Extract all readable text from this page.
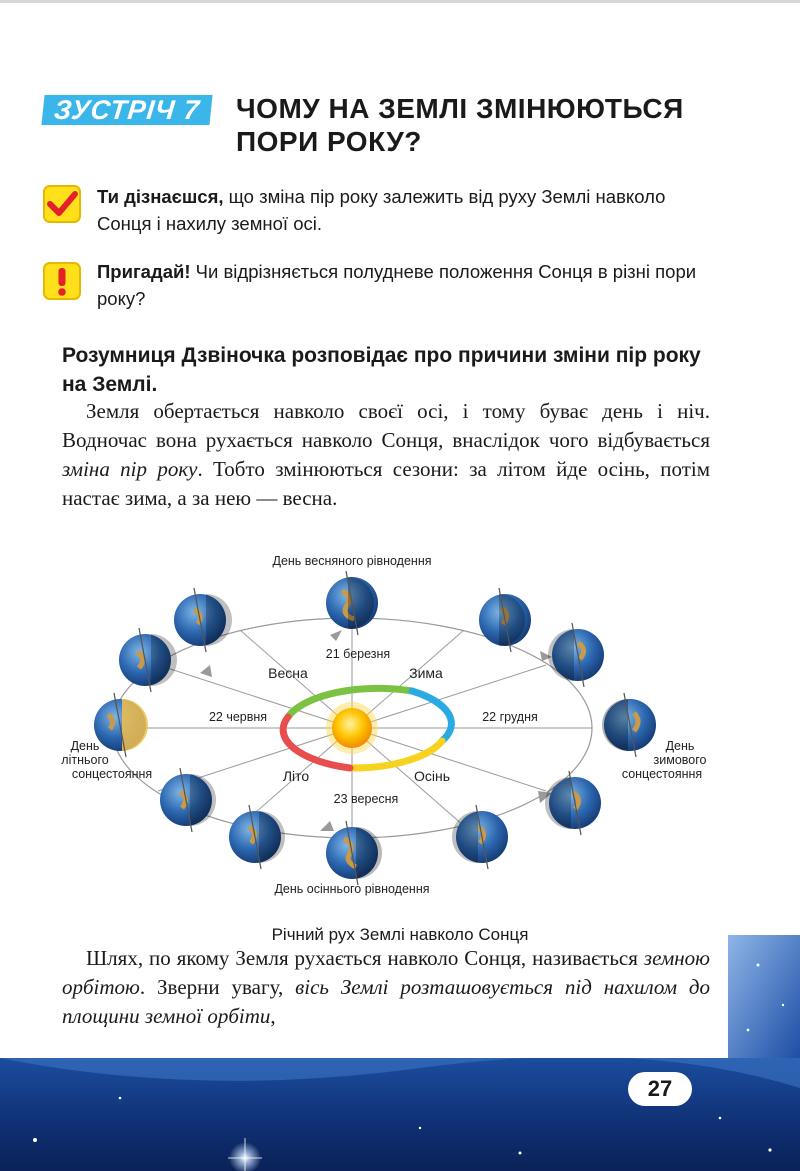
ЗУСТРІЧ 7	ЧОМУ НА ЗЕМЛІ ЗМІНЮЮТЬСЯ
ПОРИ РОКУ?
Ти дізнаєшся, що зміна пір року залежить від руху Землі навколо Сонця і нахилу земної осі.
Пригадай! Чи відрізняється полудневе положення Сонця в різні пори року?
Розумниця Дзвіночка розповідає про причини зміни пір року на Землі.
Земля обертається навколо своєї осі, і тому буває день і ніч. Водночас вона рухається навколо Сонця, внаслідок чого відбувається зміна пір року. Тобто змінюються сезони: за літом йде осінь, потім настає зима, а за нею — весна.
День весняного рівнодення
День осіннього рівнодення
День
літнього
сонцестояння
День
зимового
сонцестояння
21 березня
22 червня	22 грудня
23 вересня
Весна	Зима
Літо	Осінь
Річний рух Землі навколо Сонця
Шлях, по якому Земля рухається навколо Сонця, називається земною орбітою. Зверни увагу, вісь Землі розташовується під нахилом до площини земної орбіти,
27
